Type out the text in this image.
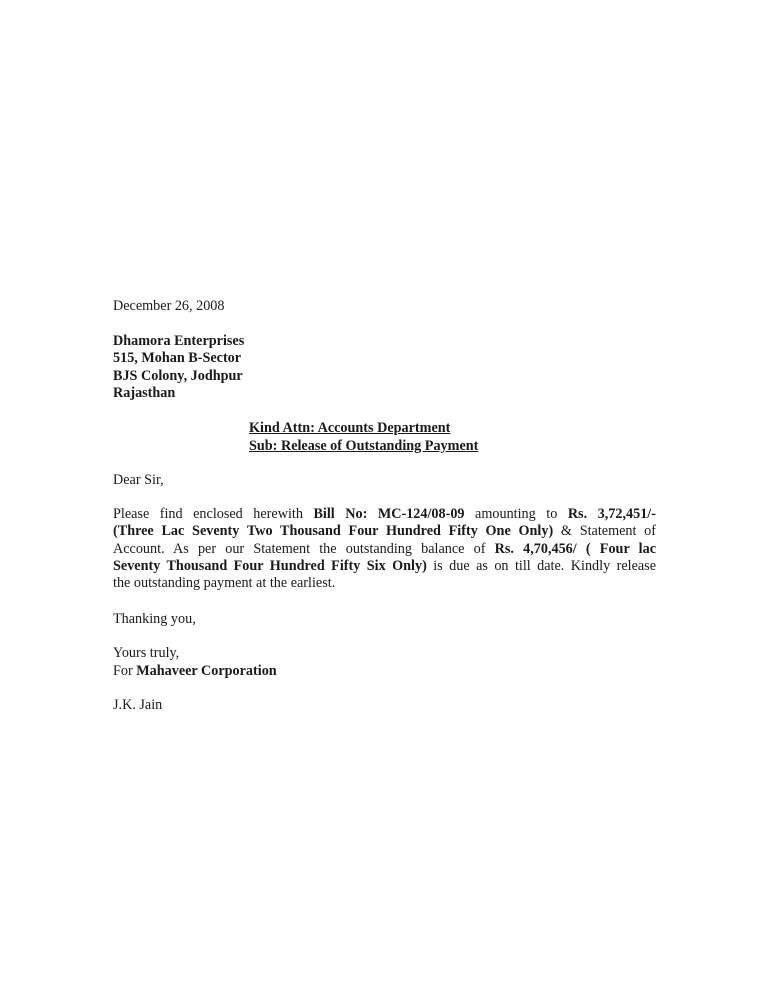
December 26, 2008
Dhamora Enterprises
515, Mohan B-Sector
BJS Colony, Jodhpur
Rajasthan
Kind Attn: Accounts Department
Sub: Release of Outstanding Payment
Dear Sir,
Please find enclosed herewith Bill No: MC-124/08-09 amounting to Rs. 3,72,451/-
(Three Lac Seventy Two Thousand Four Hundred Fifty One Only) & Statement of
Account. As per our Statement the outstanding balance of Rs. 4,70,456/ ( Four lac
Seventy Thousand Four Hundred Fifty Six Only) is due as on till date. Kindly release
the outstanding payment at the earliest.
Thanking you,
Yours truly,
For Mahaveer Corporation
J.K. Jain
